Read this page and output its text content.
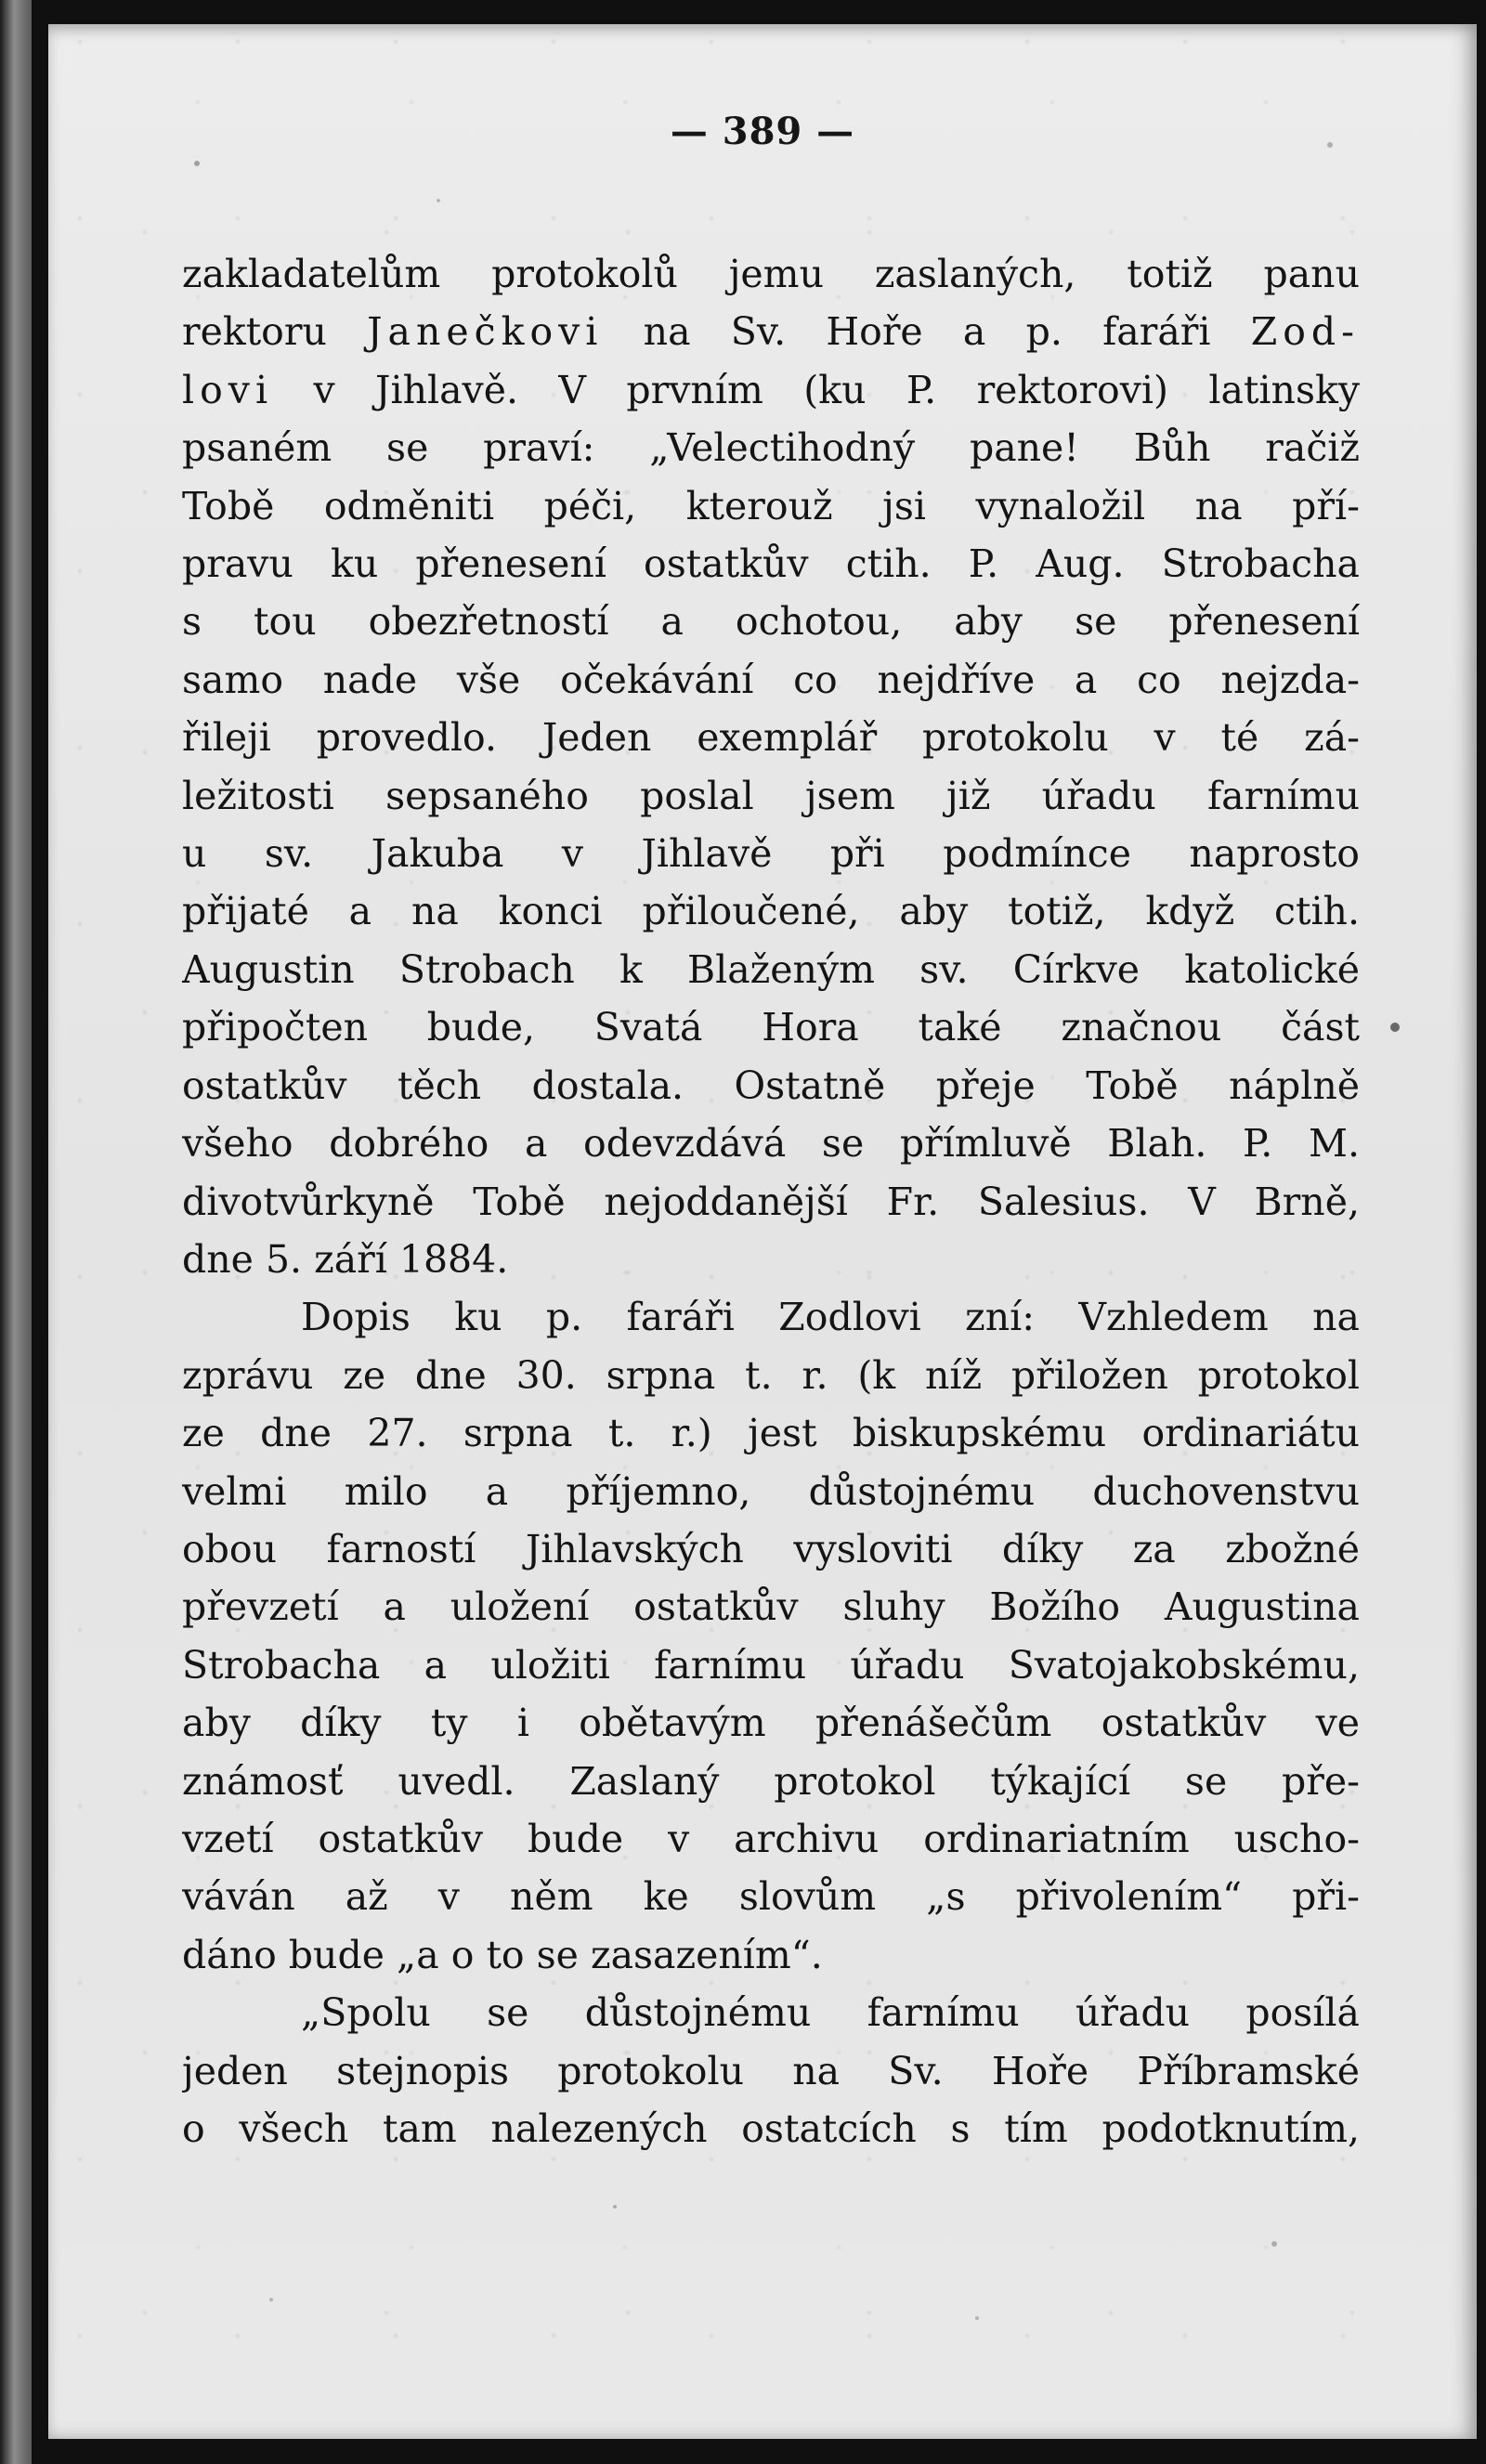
— 389 —
zakladatelům protokolů jemu zaslaných, totiž panu
rektoru Janečkovi na Sv. Hoře a p. faráři Zod-
lovi v Jihlavě. V prvním (ku P. rektorovi) latinsky
psaném se praví: „Velectihodný pane! Bůh račiž
Tobě odměniti péči, kterouž jsi vynaložil na pří-
pravu ku přenesení ostatkův ctih. P. Aug. Strobacha
s tou obezřetností a ochotou, aby se přenesení
samo nade vše očekávání co nejdříve a co nejzda-
řileji provedlo. Jeden exemplář protokolu v té zá-
ležitosti sepsaného poslal jsem již úřadu farnímu
u sv. Jakuba v Jihlavě při podmínce naprosto
přijaté a na konci přiloučené, aby totiž, když ctih.
Augustin Strobach k Blaženým sv. Církve katolické
připočten bude, Svatá Hora také značnou část
ostatkův těch dostala. Ostatně přeje Tobě náplně
všeho dobrého a odevzdává se přímluvě Blah. P. M.
divotvůrkyně Tobě nejoddanější Fr. Salesius. V Brně,
dne 5. září 1884.
Dopis ku p. faráři Zodlovi zní: Vzhledem na
zprávu ze dne 30. srpna t. r. (k níž přiložen protokol
ze dne 27. srpna t. r.) jest biskupskému ordinariátu
velmi milo a příjemno, důstojnému duchovenstvu
obou farností Jihlavských vysloviti díky za zbožné
převzetí a uložení ostatkův sluhy Božího Augustina
Strobacha a uložiti farnímu úřadu Svatojakobskému,
aby díky ty i obětavým přenášečům ostatkův ve
známosť uvedl. Zaslaný protokol týkající se pře-
vzetí ostatkův bude v archivu ordinariatním uscho-
váván až v něm ke slovům „s přivolením“ při-
dáno bude „a o to se zasazením“.
„Spolu se důstojnému farnímu úřadu posílá
jeden stejnopis protokolu na Sv. Hoře Příbramské
o všech tam nalezených ostatcích s tím podotknutím,
